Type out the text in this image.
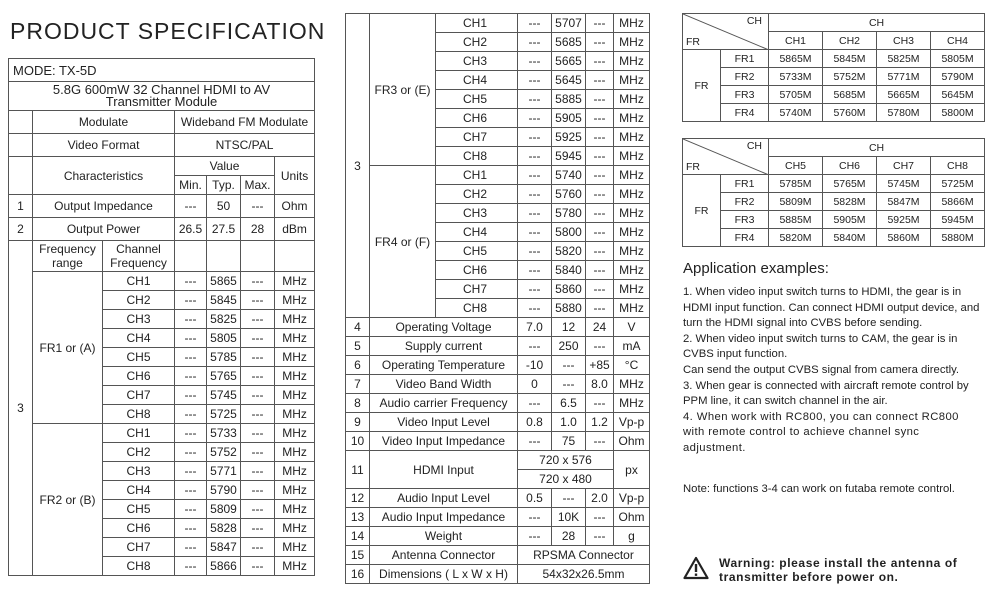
PRODUCT SPECIFICATION
MODE: TX-5D						
5.8G 600mW 32 Channel HDMI to AV Transmitter Module						
	Modulate		Wideband FM Modulate			
	Video Format		NTSC/PAL			
	Characteristics		Value			Units
			Min.	Typ.	Max.	
1	Output Impedance		---	50	---	Ohm
2	Output Power		26.5	27.5	28	dBm
3	Frequency range	Channel Frequency				
	FR1 or (A)	CH1	---	5865	---	MHz
		CH2	---	5845	---	MHz
		CH3	---	5825	---	MHz
		CH4	---	5805	---	MHz
		CH5	---	5785	---	MHz
		CH6	---	5765	---	MHz
		CH7	---	5745	---	MHz
		CH8	---	5725	---	MHz
	FR2 or (B)	CH1	---	5733	---	MHz
		CH2	---	5752	---	MHz
		CH3	---	5771	---	MHz
		CH4	---	5790	---	MHz
		CH5	---	5809	---	MHz
		CH6	---	5828	---	MHz
		CH7	---	5847	---	MHz
		CH8	---	5866	---	MHz
3	FR3 or (E)	CH1	---	5707	---	MHz
		CH2	---	5685	---	MHz
		CH3	---	5665	---	MHz
		CH4	---	5645	---	MHz
		CH5	---	5885	---	MHz
		CH6	---	5905	---	MHz
		CH7	---	5925	---	MHz
		CH8	---	5945	---	MHz
	FR4 or (F)	CH1	---	5740	---	MHz
		CH2	---	5760	---	MHz
		CH3	---	5780	---	MHz
		CH4	---	5800	---	MHz
		CH5	---	5820	---	MHz
		CH6	---	5840	---	MHz
		CH7	---	5860	---	MHz
		CH8	---	5880	---	MHz
4	Operating Voltage		7.0	12	24	V
5	Supply current		---	250	---	mA
6	Operating Temperature		-10	---	+85	°C
7	Video Band Width		0	---	8.0	MHz
8	Audio carrier Frequency		---	6.5	---	MHz
9	Video Input Level		0.8	1.0	1.2	Vp-p
10	Video Input Impedance		---	75	---	Ohm
11	HDMI Input		720 x 576			px
			720 x 480			
12	Audio Input Level		0.5	---	2.0	Vp-p
13	Audio Input Impedance		---	10K	---	Ohm
14	Weight		---	28	---	g
15	Antenna Connector		RPSMA Connector			
16	Dimensions ( L x W x H)		54x32x26.5mm			
CH
FR		CH			
		CH1	CH2	CH3	CH4
FR	FR1	5865M	5845M	5825M	5805M
	FR2	5733M	5752M	5771M	5790M
	FR3	5705M	5685M	5665M	5645M
	FR4	5740M	5760M	5780M	5800M
CH
FR		CH			
		CH5	CH6	CH7	CH8
FR	FR1	5785M	5765M	5745M	5725M
	FR2	5809M	5828M	5847M	5866M
	FR3	5885M	5905M	5925M	5945M
	FR4	5820M	5840M	5860M	5880M
Application examples:
1. When video input switch turns to HDMI, the gear is in HDMI input function. Can connect HDMI output device, and turn the HDMI signal into CVBS before sending.
2. When video input switch turns to CAM, the gear is in CVBS input function.
Can send the output CVBS signal from camera directly.
3. When gear is connected with aircraft remote control by PPM line, it can switch channel in the air.
4. When work with RC800, you can connect RC800 with remote control to achieve channel sync adjustment.
Note: functions 3-4 can work on futaba remote control.
Warning: please install the antenna of
transmitter before power on.
